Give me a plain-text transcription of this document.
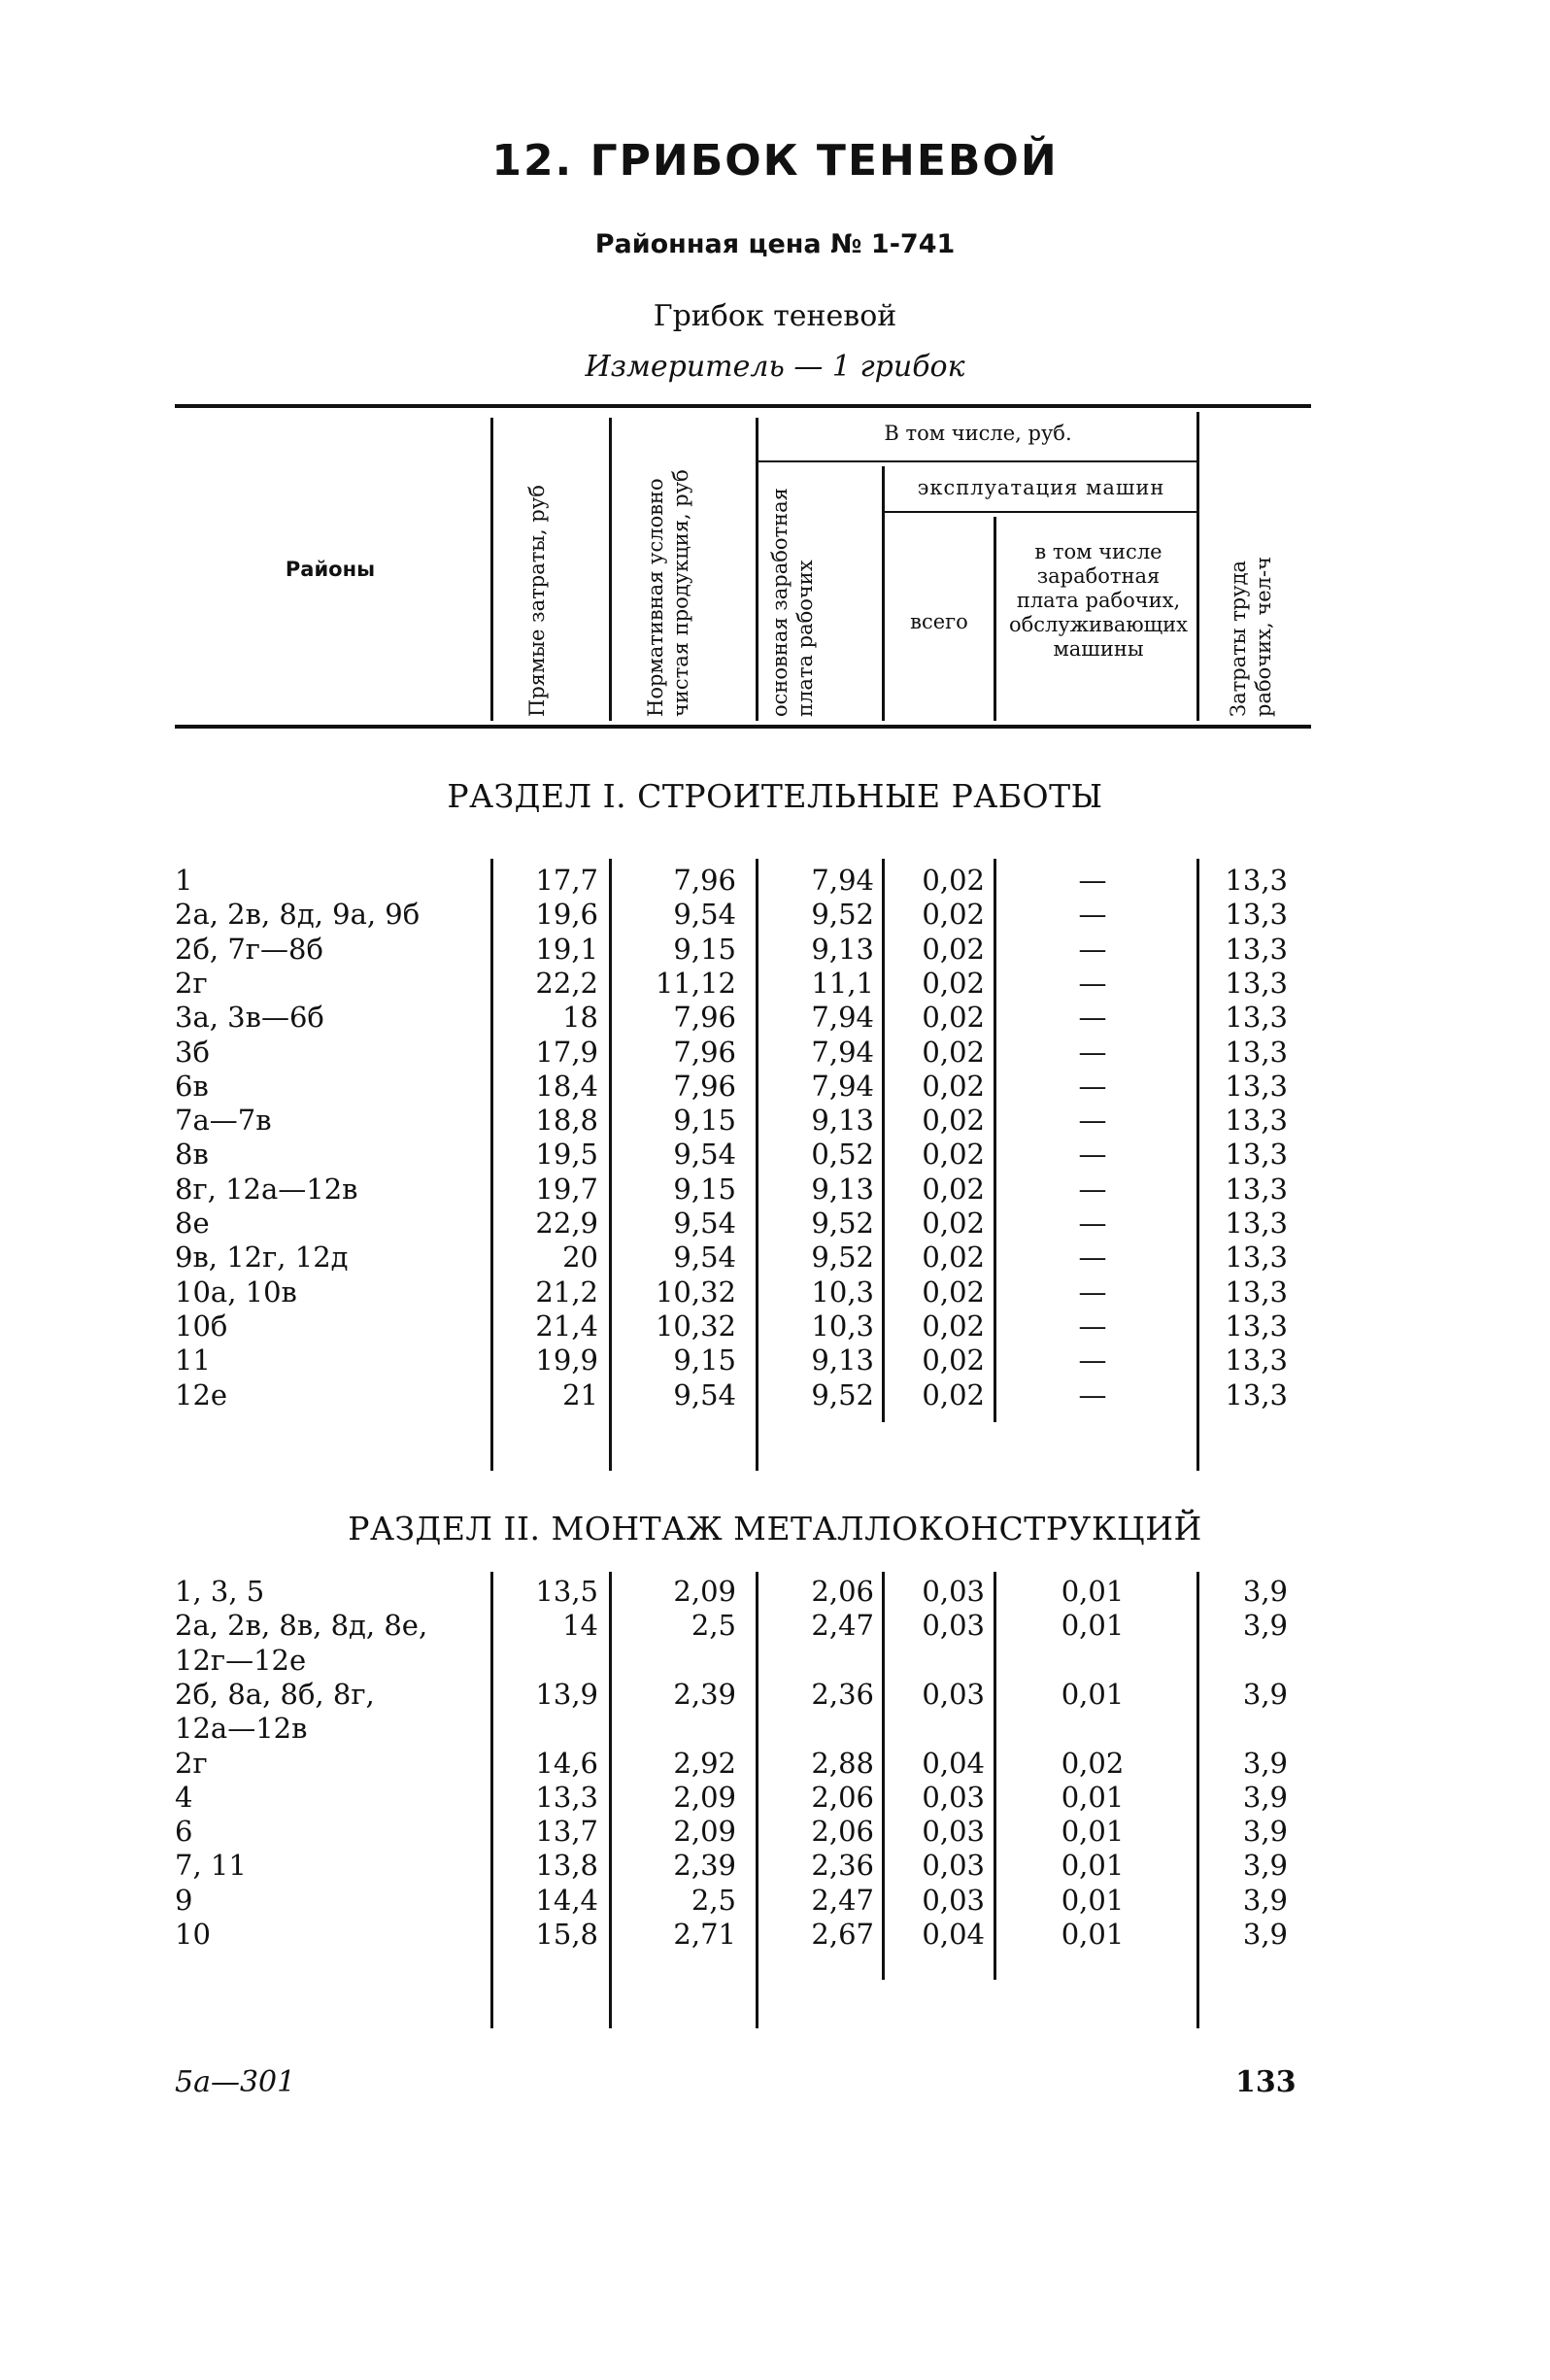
12. ГРИБОК ТЕНЕВОЙ
Районная цена № 1-741
Грибок теневой
Измеритель — 1 грибок
Районы	Прямые затраты, руб	Нормативная условно чистая продукция, руб
В том числе, руб.
основная заработная плата рабочих
эксплуатация машин
всего
в том числе заработная плата рабочих, обслуживающих машины	Затраты труда рабочих, чел-ч
РАЗДЕЛ I. СТРОИТЕЛЬНЫЕ РАБОТЫ
1	17,7	7,96	7,94	0,02	—	13,3
2а, 2в, 8д, 9а, 9б	19,6	9,54	9,52	0,02	—	13,3
2б, 7г—8б	19,1	9,15	9,13	0,02	—	13,3
2г	22,2	11,12	11,1	0,02	—	13,3
3а, 3в—6б	18	7,96	7,94	0,02	—	13,3
3б	17,9	7,96	7,94	0,02	—	13,3
6в	18,4	7,96	7,94	0,02	—	13,3
7а—7в	18,8	9,15	9,13	0,02	—	13,3
8в	19,5	9,54	0,52	0,02	—	13,3
8г, 12а—12в	19,7	9,15	9,13	0,02	—	13,3
8е	22,9	9,54	9,52	0,02	—	13,3
9в, 12г, 12д	20	9,54	9,52	0,02	—	13,3
10а, 10в	21,2	10,32	10,3	0,02	—	13,3
10б	21,4	10,32	10,3	0,02	—	13,3
11	19,9	9,15	9,13	0,02	—	13,3
12е	21	9,54	9,52	0,02	—	13,3
РАЗДЕЛ II. МОНТАЖ МЕТАЛЛОКОНСТРУКЦИЙ
1, 3, 5	13,5	2,09	2,06	0,03	0,01	3,9
2а, 2в, 8в, 8д, 8е,	14	2,5	2,47	0,03	0,01	3,9
12г—12е
2б, 8а, 8б, 8г,	13,9	2,39	2,36	0,03	0,01	3,9
12а—12в
2г	14,6	2,92	2,88	0,04	0,02	3,9
4	13,3	2,09	2,06	0,03	0,01	3,9
6	13,7	2,09	2,06	0,03	0,01	3,9
7, 11	13,8	2,39	2,36	0,03	0,01	3,9
9	14,4	2,5	2,47	0,03	0,01	3,9
10	15,8	2,71	2,67	0,04	0,01	3,9
5а—301	133
